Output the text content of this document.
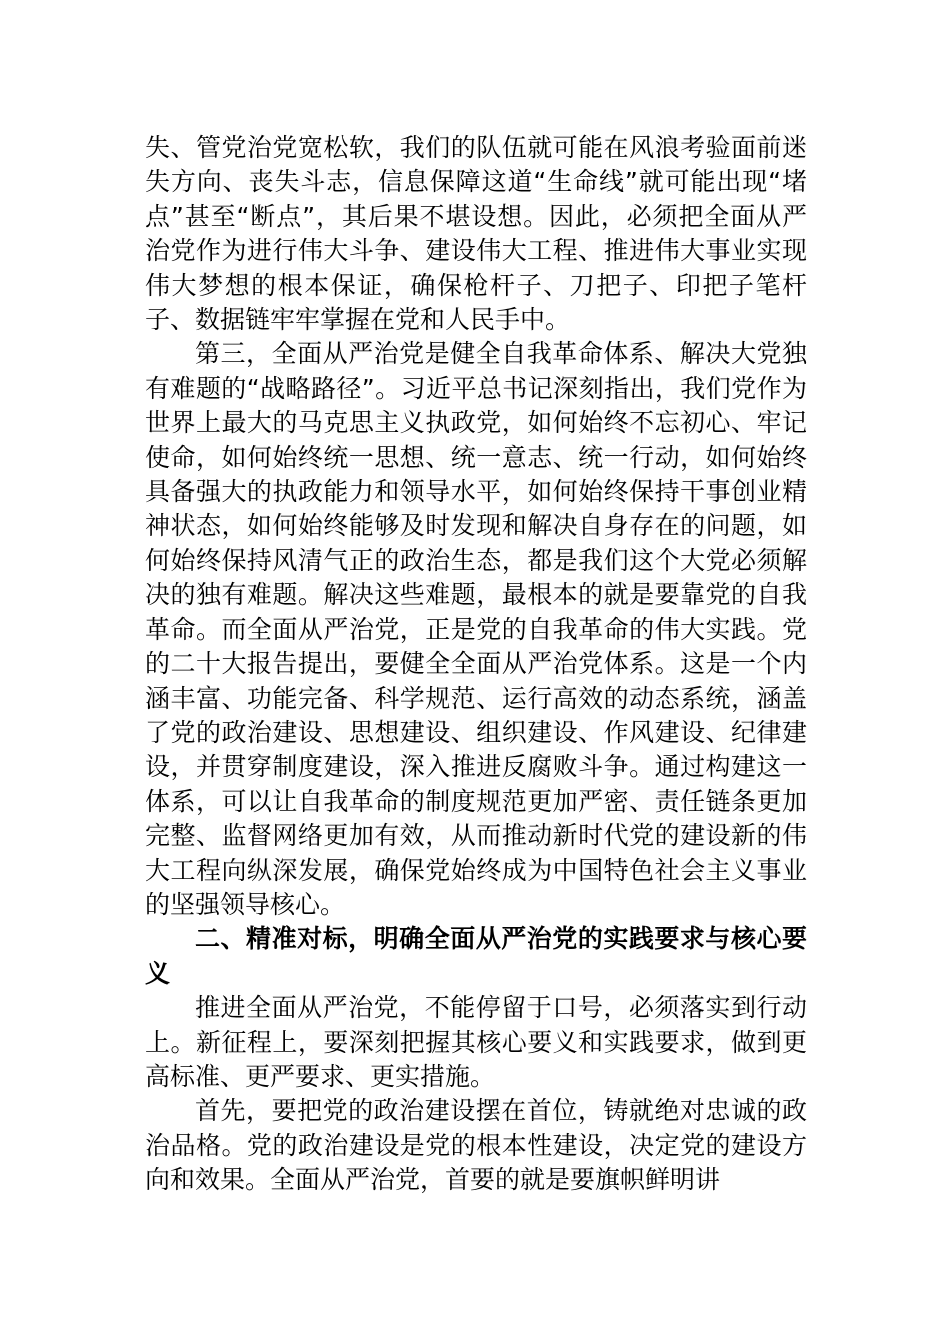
失、管党治党宽松软，我们的队伍就可能在风浪考验面前迷失方向、丧失斗志，信息保障这道“生命线”就可能出现“堵点”甚至“断点”，其后果不堪设想。因此，必须把全面从严治党作为进行伟大斗争、建设伟大工程、推进伟大事业实现伟大梦想的根本保证，确保枪杆子、刀把子、印把子笔杆子、数据链牢牢掌握在党和人民手中。

第三，全面从严治党是健全自我革命体系、解决大党独有难题的“战略路径”。习近平总书记深刻指出，我们党作为世界上最大的马克思主义执政党，如何始终不忘初心、牢记使命，如何始终统一思想、统一意志、统一行动，如何始终具备强大的执政能力和领导水平，如何始终保持干事创业精神状态，如何始终能够及时发现和解决自身存在的问题，如何始终保持风清气正的政治生态，都是我们这个大党必须解决的独有难题。解决这些难题，最根本的就是要靠党的自我革命。而全面从严治党，正是党的自我革命的伟大实践。党的二十大报告提出，要健全全面从严治党体系。这是一个内涵丰富、功能完备、科学规范、运行高效的动态系统，涵盖了党的政治建设、思想建设、组织建设、作风建设、纪律建设，并贯穿制度建设，深入推进反腐败斗争。通过构建这一体系，可以让自我革命的制度规范更加严密、责任链条更加完整、监督网络更加有效，从而推动新时代党的建设新的伟大工程向纵深发展，确保党始终成为中国特色社会主义事业的坚强领导核心。

二、精准对标，明确全面从严治党的实践要求与核心要义

推进全面从严治党，不能停留于口号，必须落实到行动上。新征程上，要深刻把握其核心要义和实践要求，做到更高标准、更严要求、更实措施。

首先，要把党的政治建设摆在首位，铸就绝对忠诚的政治品格。党的政治建设是党的根本性建设，决定党的建设方向和效果。全面从严治党，首要的就是要旗帜鲜明讲
